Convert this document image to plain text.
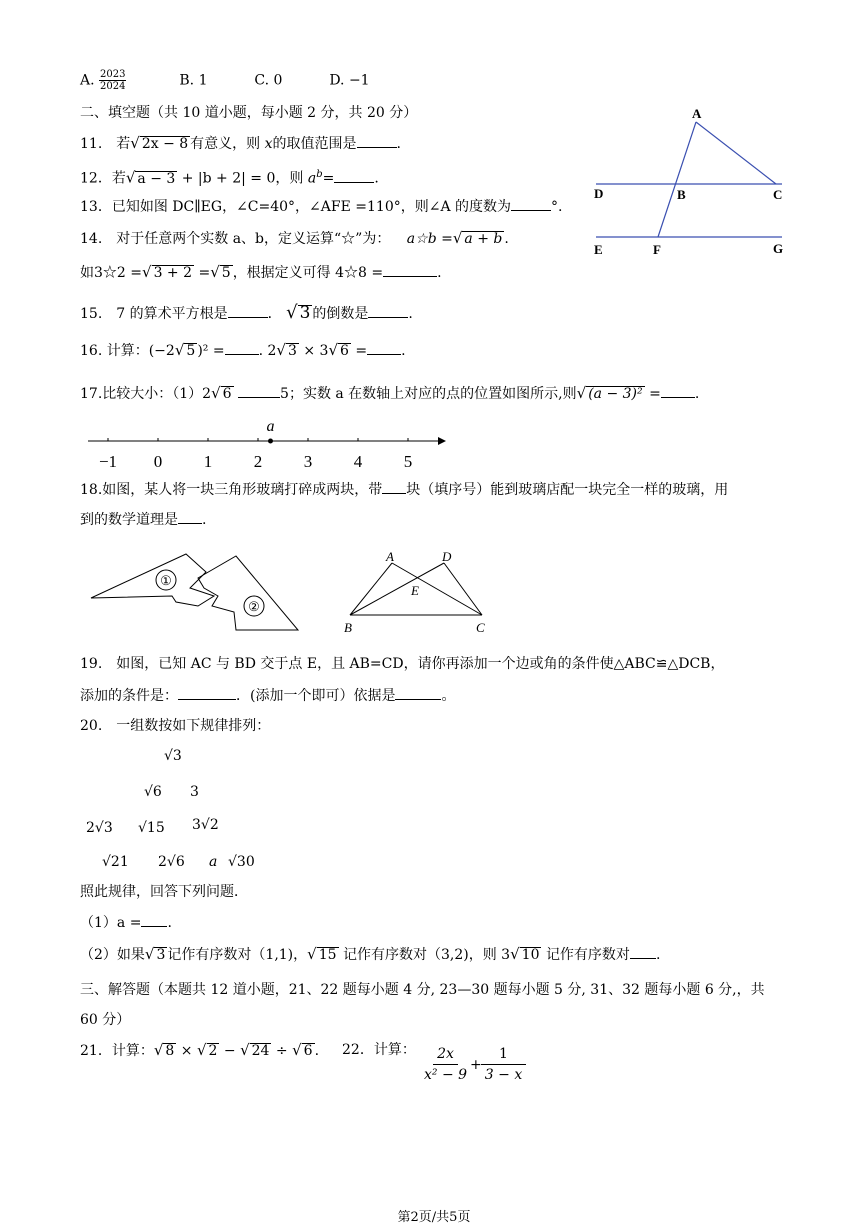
A. $\frac{2023}{2024}$	B. 1	C. 0	D. −1
二、填空题（共 10 道小题，每小题 2 分，共 20 分）
11.　若√ 2x − 8 有意义，则 x的取值范围是	.
12．若√ a − 3 + |b + 2| = 0，则 $a^b=$	.
13．已知如图 DC∥EG，∠C=40°，∠AFE =110°，则∠A 的度数为	°.
14.　对于任意两个实数 a、b，定义运算“☆”为： a☆b =√ a + b .
如3☆2 =√ 3 + 2 =√ 5 ，根据定义可得 4☆8 =	.
15.　7 的算术平方根是	． √ 3 的倒数是	.
16. 计算：(−2√ 5 )² = . 2√ 3 × 3√ 6 = .
17.比较大小：（1）2√ 6	5；实数 a 在数轴上对应的点的位置如图所示,则√ (a − 3)² = .
−1 0 1 2 3 4 5
a
18.如图，某人将一块三角形玻璃打碎成两块，带 块（填序号）能到玻璃店配一块完全一样的玻璃，用
到的数学道理是 .
①
②
A	D
E
B	C
A
B	C
D
E	F	G
19.　如图，已知 AC 与 BD 交于点 E，且 AB=CD，请你再添加一个边或角的条件使△ABC≌△DCB，
添加的条件是：	．(添加一个即可）依据是	。
20.　一组数按如下规律排列：
√3
√6 3
2√3 √15 3√2
√21 2√6 a √30
照此规律，回答下列问题．
（1）a = .
（2）如果√ 3 记作有序数对（1,1)，√ 15 记作有序数对（3,2)，则 3√ 10 记作有序数对 .
三、解答题（本题共 12 道小题，21、22 题每小题 4 分, 23—30 题每小题 5 分, 31、32 题每小题 6 分,，共
60 分）
21．计算：√ 8 × √ 2 − √ 24 ÷ √ 6 . 22．计算： 2x
x² − 9
+ $\frac{1}{3 - x}$
第2页/共5页
